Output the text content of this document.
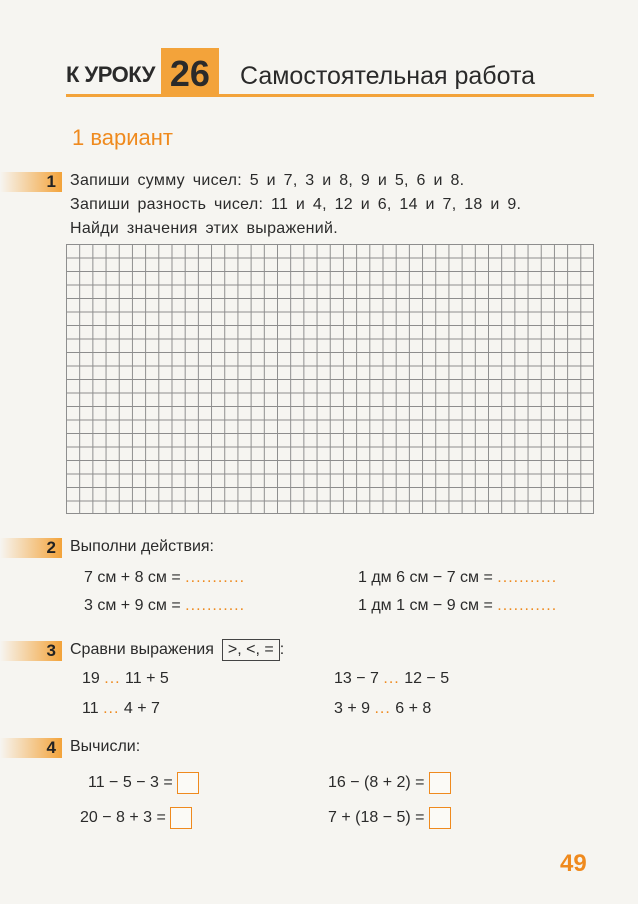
К УРОКУ 26 Самостоятельная работа
1 вариант
1 Запиши сумму чисел: 5 и 7, 3 и 8, 9 и 5, 6 и 8.
Запиши разность чисел: 11 и 4, 12 и 6, 14 и 7, 18 и 9.
Найди значения этих выражений.
2 Выполни действия:
7 см + 8 см = ...........	1 дм 6 см − 7 см = ...........
3 см + 9 см = ...........	1 дм 1 см − 9 см = ...........
3 Сравни выражения >, <, = :
19 ... 11 + 5	13 − 7 ... 12 − 5
11 ... 4 + 7	3 + 9 ... 6 + 8
4 Вычисли:
11 − 5 − 3 =	16 − (8 + 2) =
20 − 8 + 3 =	7 + (18 − 5) =
49
